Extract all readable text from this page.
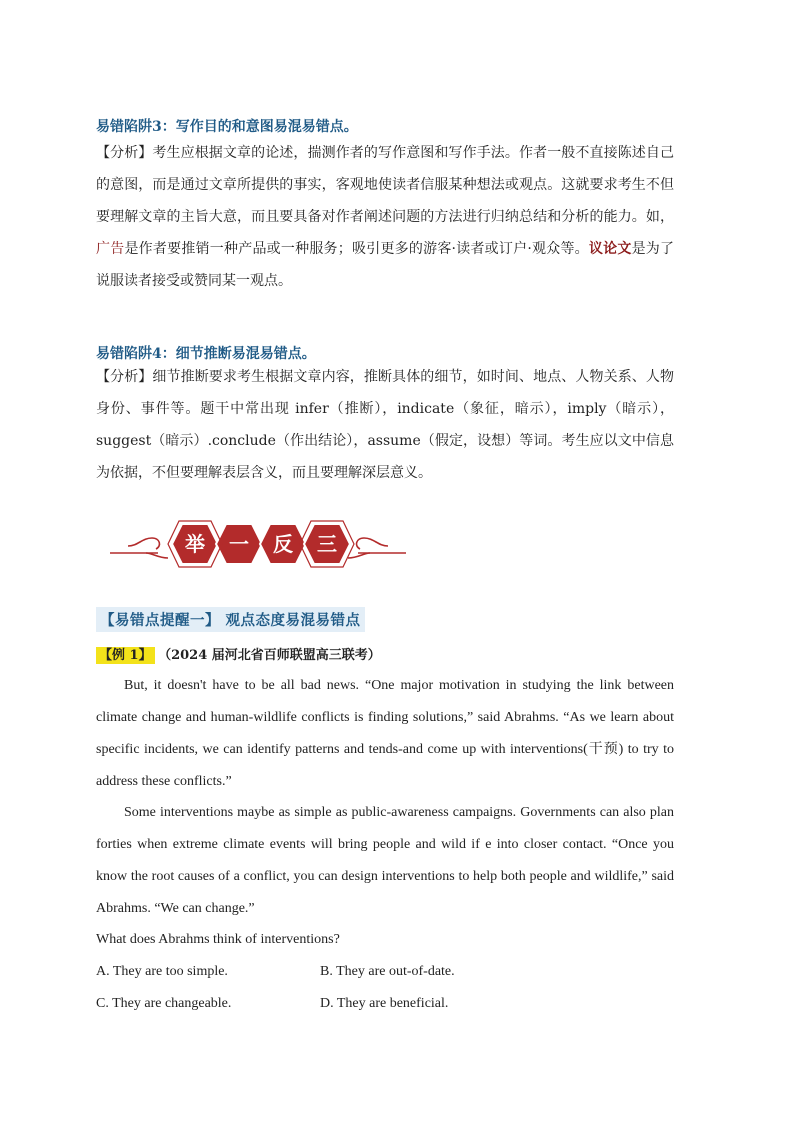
易错陷阱3：写作目的和意图易混易错点。
【分析】考生应根据文章的论述，揣测作者的写作意图和写作手法。作者一般不直接陈述自己的意图，而是通过文章所提供的事实，客观地使读者信服某种想法或观点。这就要求考生不但要理解文章的主旨大意，而且要具备对作者阐述问题的方法进行归纳总结和分析的能力。如，广告是作者要推销一种产品或一种服务；吸引更多的游客·读者或订户·观众等。议论文是为了说服读者接受或赞同某一观点。
易错陷阱4：细节推断易混易错点。
【分析】细节推断要求考生根据文章内容，推断具体的细节，如时间、地点、人物关系、人物身份、事件等。题干中常出现 infer（推断），indicate（象征，暗示），imply（暗示），suggest（暗示）.conclude（作出结论），assume（假定，设想）等词。考生应以文中信息为依据，不但要理解表层含义，而且要理解深层意义。
举 一 反 三
【易错点提醒一】 观点态度易混易错点
【例 1】 （2024 届河北省百师联盟高三联考）
But, it doesn't have to be all bad news. “One major motivation in studying the link between climate change and human-wildlife conflicts is finding solutions,” said Abrahms. “As we learn about specific incidents, we can identify patterns and tends-and come up with interventions(干预) to try to address these conflicts.”
Some interventions maybe as simple as public-awareness campaigns. Governments can also plan forties when extreme climate events will bring people and wild if e into closer contact. “Once you know the root causes of a conflict, you can design interventions to help both people and wildlife,” said Abrahms. “We can change.”
What does Abrahms think of interventions?
A. They are too simple.	B. They are out-of-date.
C. They are changeable.	D. They are beneficial.
